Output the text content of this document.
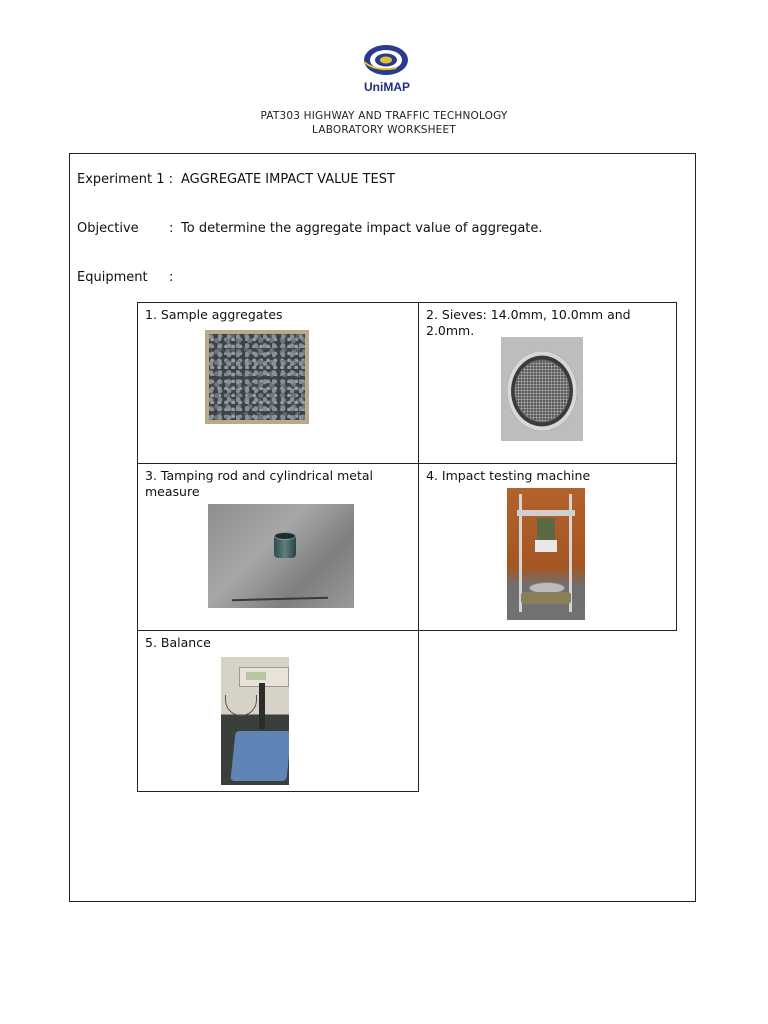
UniMAP
PAT303 HIGHWAY AND TRAFFIC TECHNOLOGY
LABORATORY WORKSHEET
Experiment 1 : AGGREGATE IMPACT VALUE TEST
Objective : To determine the aggregate impact value of aggregate.
Equipment :
1. Sample aggregates	2. Sieves: 14.0mm, 10.0mm and 2.0mm.
3. Tamping rod and cylindrical metal measure
4. Impact testing machine
5. Balance
